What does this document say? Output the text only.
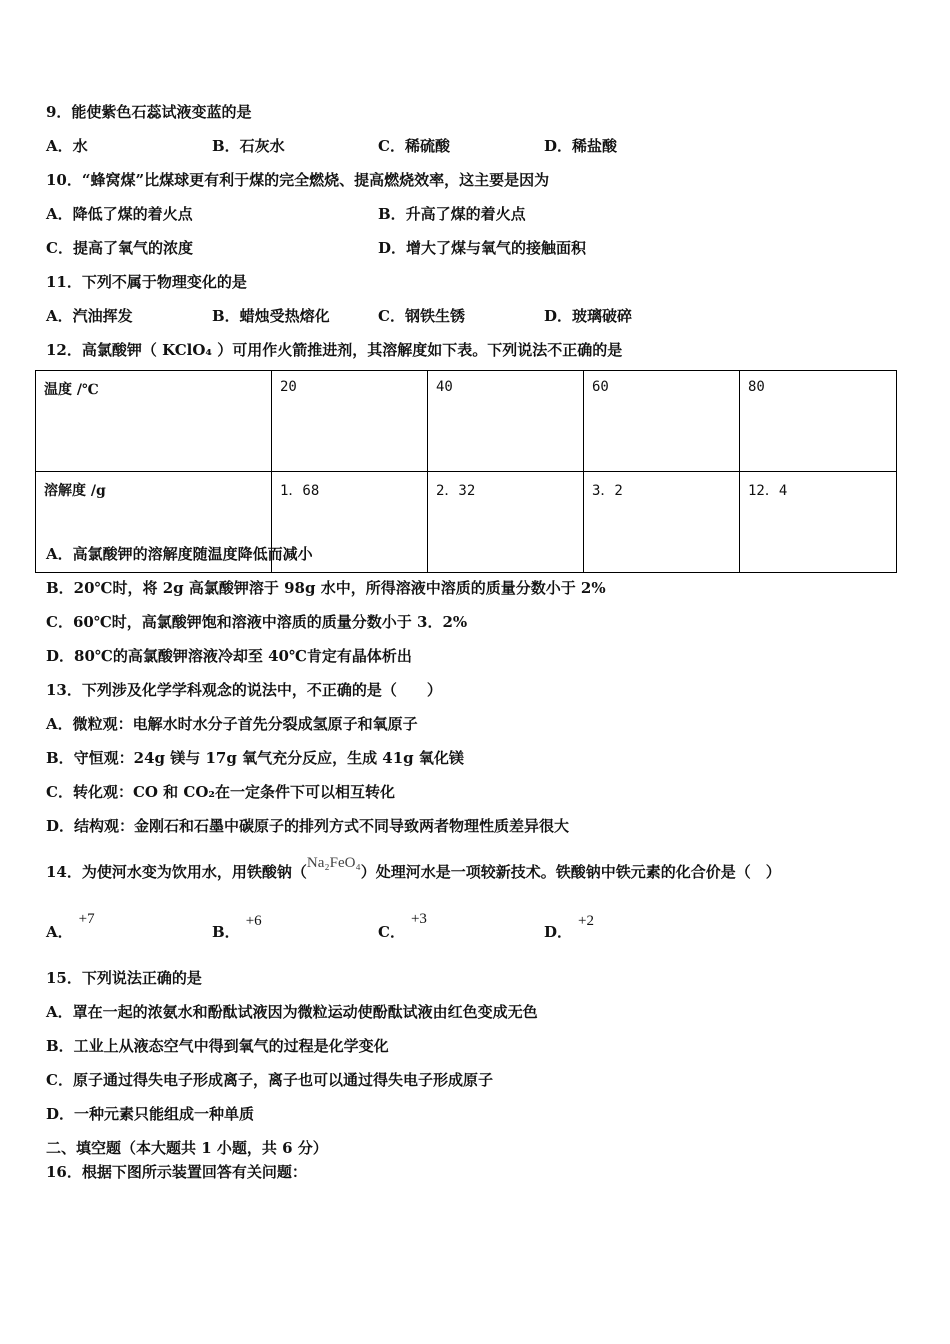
9．能使紫色石蕊试液变蓝的是
A．水	B．石灰水	C．稀硫酸	D．稀盐酸
10．“蜂窝煤”比煤球更有利于煤的完全燃烧、提高燃烧效率，这主要是因为
A．降低了煤的着火点	B．升高了煤的着火点
C．提高了氧气的浓度	D．增大了煤与氧气的接触面积
11．下列不属于物理变化的是
A．汽油挥发	B．蜡烛受热熔化	C．钢铁生锈	D．玻璃破碎
12．高氯酸钾（ KClO₄ ）可用作火箭推进剂，其溶解度如下表。下列说法不正确的是
温度 /℃	20	40	60	80
溶解度 /g	1．68	2．32	3．2	12．4
A．高氯酸钾的溶解度随温度降低而减小
B．20℃时，将 2g 高氯酸钾溶于 98g 水中，所得溶液中溶质的质量分数小于 2%
C．60℃时，高氯酸钾饱和溶液中溶质的质量分数小于 3．2%
D．80℃的高氯酸钾溶液冷却至 40℃肯定有晶体析出
13．下列涉及化学学科观念的说法中，不正确的是（　　）
A．微粒观：电解水时水分子首先分裂成氢原子和氧原子
B．守恒观：24g 镁与 17g 氧气充分反应，生成 41g 氧化镁
C．转化观：CO 和 CO₂在一定条件下可以相互转化
D．结构观：金刚石和石墨中碳原子的排列方式不同导致两者物理性质差异很大
14．为使河水变为饮用水，用铁酸钠（Na₂FeO₄）处理河水是一项较新技术。铁酸钠中铁元素的化合价是（　）
A．+7
B．+6
C．+3
D．+2
15．下列说法正确的是
A．罩在一起的浓氨水和酚酞试液因为微粒运动使酚酞试液由红色变成无色
B．工业上从液态空气中得到氧气的过程是化学变化
C．原子通过得失电子形成离子，离子也可以通过得失电子形成原子
D．一种元素只能组成一种单质
二、填空题（本大题共 1 小题，共 6 分）
16．根据下图所示装置回答有关问题：
